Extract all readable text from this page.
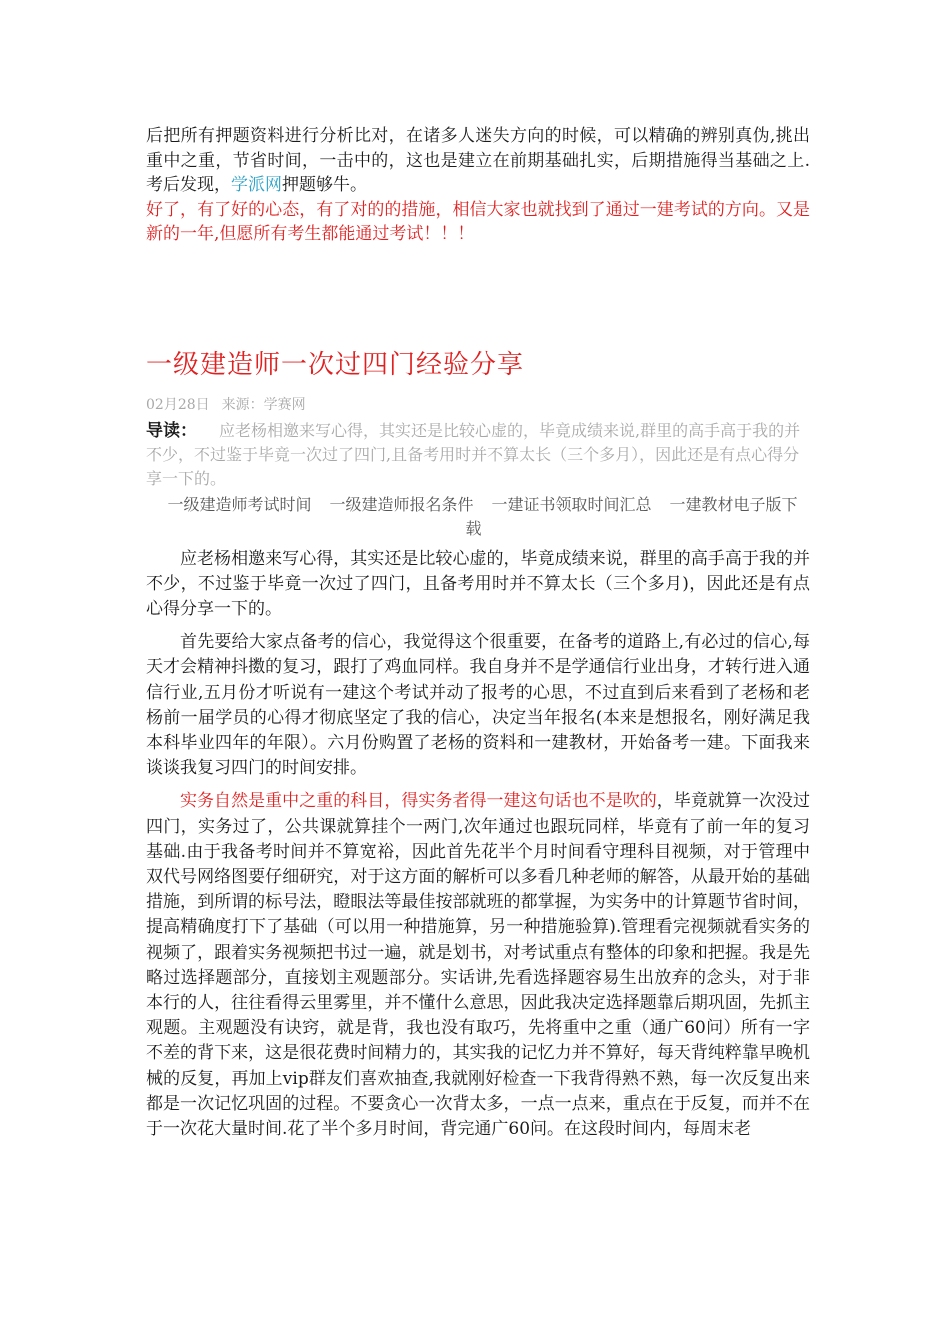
后把所有押题资料进行分析比对，在诸多人迷失方向的时候，可以精确的辨别真伪,挑出重中之重，节省时间，一击中的，这也是建立在前期基础扎实，后期措施得当基础之上.考后发现，学派网押题够牛。

好了，有了好的心态，有了对的的措施，相信大家也就找到了通过一建考试的方向。又是新的一年,但愿所有考生都能通过考试！！！

一级建造师一次过四门经验分享
02月28日 来源：学赛网

导读： 应老杨相邀来写心得，其实还是比较心虚的，毕竟成绩来说,群里的高手高于我的并不少，不过鉴于毕竟一次过了四门,且备考用时并不算太长（三个多月），因此还是有点心得分享一下的。

一级建造师考试时间 一级建造师报名条件 一建证书领取时间汇总 一建教材电子版下载

应老杨相邀来写心得，其实还是比较心虚的，毕竟成绩来说，群里的高手高于我的并不少，不过鉴于毕竟一次过了四门，且备考用时并不算太长（三个多月)，因此还是有点心得分享一下的。

首先要给大家点备考的信心，我觉得这个很重要，在备考的道路上,有必过的信心,每天才会精神抖擞的复习，跟打了鸡血同样。我自身并不是学通信行业出身，才转行进入通信行业,五月份才听说有一建这个考试并动了报考的心思，不过直到后来看到了老杨和老杨前一届学员的心得才彻底坚定了我的信心，决定当年报名(本来是想报名，刚好满足我本科毕业四年的年限）。六月份购置了老杨的资料和一建教材，开始备考一建。下面我来谈谈我复习四门的时间安排。

实务自然是重中之重的科目，得实务者得一建这句话也不是吹的，毕竟就算一次没过四门，实务过了，公共课就算挂个一两门,次年通过也跟玩同样，毕竟有了前一年的复习基础.由于我备考时间并不算宽裕，因此首先花半个月时间看守理科目视频，对于管理中双代号网络图要仔细研究，对于这方面的解析可以多看几种老师的解答，从最开始的基础措施，到所谓的标号法，瞪眼法等最佳按部就班的都掌握，为实务中的计算题节省时间，提高精确度打下了基础（可以用一种措施算，另一种措施验算).管理看完视频就看实务的视频了，跟着实务视频把书过一遍，就是划书，对考试重点有整体的印象和把握。我是先略过选择题部分，直接划主观题部分。实话讲,先看选择题容易生出放弃的念头，对于非本行的人，往往看得云里雾里，并不懂什么意思，因此我决定选择题靠后期巩固，先抓主观题。主观题没有诀窍，就是背，我也没有取巧，先将重中之重（通广60问）所有一字不差的背下来，这是很花费时间精力的，其实我的记忆力并不算好，每天背纯粹靠早晚机械的反复，再加上vip群友们喜欢抽查,我就刚好检查一下我背得熟不熟，每一次反复出来都是一次记忆巩固的过程。不要贪心一次背太多，一点一点来，重点在于反复，而并不在于一次花大量时间.花了半个多月时间，背完通广60问。在这段时间内，每周末老
